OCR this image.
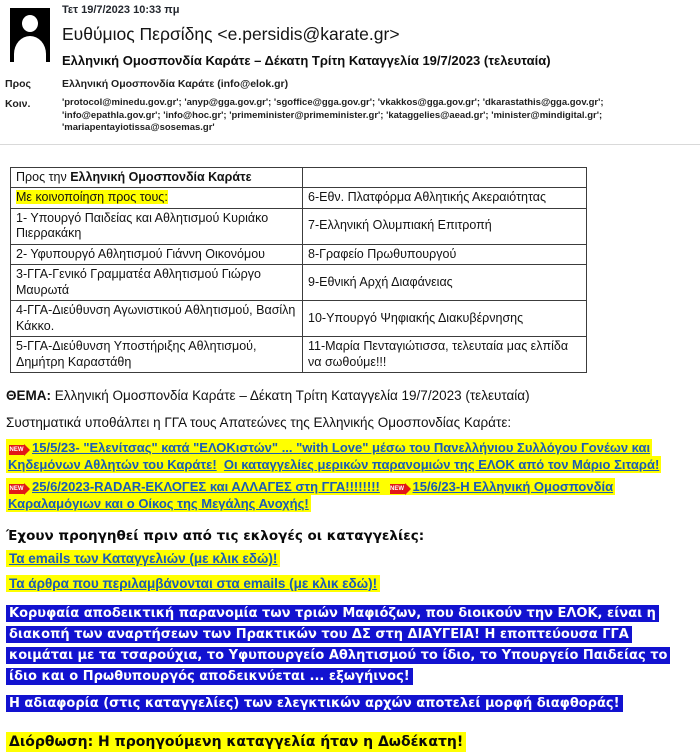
Τετ 19/7/2023 10:33 πμ
Ευθύμιος Περσίδης <e.persidis@karate.gr>
Ελληνική Ομοσπονδία Καράτε – Δέκατη Τρίτη Καταγγελία 19/7/2023 (τελευταία)
Προς	Ελληνική Ομοσπονδία Καράτε (info@elok.gr)
Κοιν.	'protocol@minedu.gov.gr'; 'anyp@gga.gov.gr'; 'sgoffice@gga.gov.gr'; 'vkakkos@gga.gov.gr'; 'dkarastathis@gga.gov.gr'; 'info@epathla.gov.gr'; 'info@hoc.gr'; 'primeminister@primeminister.gr'; 'kataggelies@aead.gr'; 'minister@mindigital.gr'; 'mariapentayiotissa@sosemas.gr'
Προς την Ελληνική Ομοσπονδία Καράτε	
Με κοινοποίηση προς τους:	6-Εθν. Πλατφόρμα Αθλητικής Ακεραιότητας
1- Υπουργό Παιδείας και Αθλητισμού Κυριάκο Πιερρακάκη	7-Ελληνική Ολυμπιακή Επιτροπή
2- Υφυπουργό Αθλητισμού Γιάννη Οικονόμου	8-Γραφείο Πρωθυπουργού
3-ΓΓΑ-Γενικό Γραμματέα Αθλητισμού Γιώργο Μαυρωτά	9-Εθνική Αρχή Διαφάνειας
4-ΓΓΑ-Διεύθυνση Αγωνιστικού Αθλητισμού, Βασίλη Κάκκο.	10-Υπουργό Ψηφιακής Διακυβέρνησης
5-ΓΓΑ-Διεύθυνση Υποστήριξης Αθλητισμού, Δημήτρη Καραστάθη	11-Μαρία Πενταγιώτισσα, τελευταία μας ελπίδα να σωθούμε!!!

ΘΕΜΑ: Ελληνική Ομοσπονδία Καράτε – Δέκατη Τρίτη Καταγγελία 19/7/2023 (τελευταία)

Συστηματικά υποθάλπει η ΓΓΑ τους Απατεώνες της Ελληνικής Ομοσπονδίας Καράτε:

NEW 15/5/23- "Ελενίτσας" κατά "ΕΛΟΚιστών" ... "with Love" μέσω του Πανελλήνιου Συλλόγου Γονέων και Κηδεμόνων Αθλητών του Καράτε! Οι καταγγελίες μερικών παρανομιών της ΕΛΟΚ από τον Μάριο Σιταρά!

NEW 25/6/2023-RADAR-ΕΚΛΟΓΕΣ και ΑΛΛΑΓΕΣ στη ΓΓΑ!!!!!!!! NEW 15/6/23-Η Ελληνική Ομοσπονδία Καραλαμόγιων και ο Οίκος της Μεγάλης Ανοχής!

Έχουν προηγηθεί πριν από τις εκλογές οι καταγγελίες:

Τα emails των Καταγγελιών (με κλικ εδώ)!

Τα άρθρα που περιλαμβάνονται στα emails (με κλικ εδώ)!

Κορυφαία αποδεικτική παρανομία των τριών Μαφιόζων, που διοικούν την ΕΛΟΚ, είναι η διακοπή των αναρτήσεων των Πρακτικών του ΔΣ στη ΔΙΑΥΓΕΙΑ! Η εποπτεύουσα ΓΓΑ κοιμάται με τα τσαρούχια, το Υφυπουργείο Αθλητισμού το ίδιο, το Υπουργείο Παιδείας το ίδιο και ο Πρωθυπουργός αποδεικνύεται ... εξωγήινος!

Η αδιαφορία (στις καταγγελίες) των ελεγκτικών αρχών αποτελεί μορφή διαφθοράς!

Διόρθωση: Η προηγούμενη καταγγελία ήταν η Δωδέκατη!
